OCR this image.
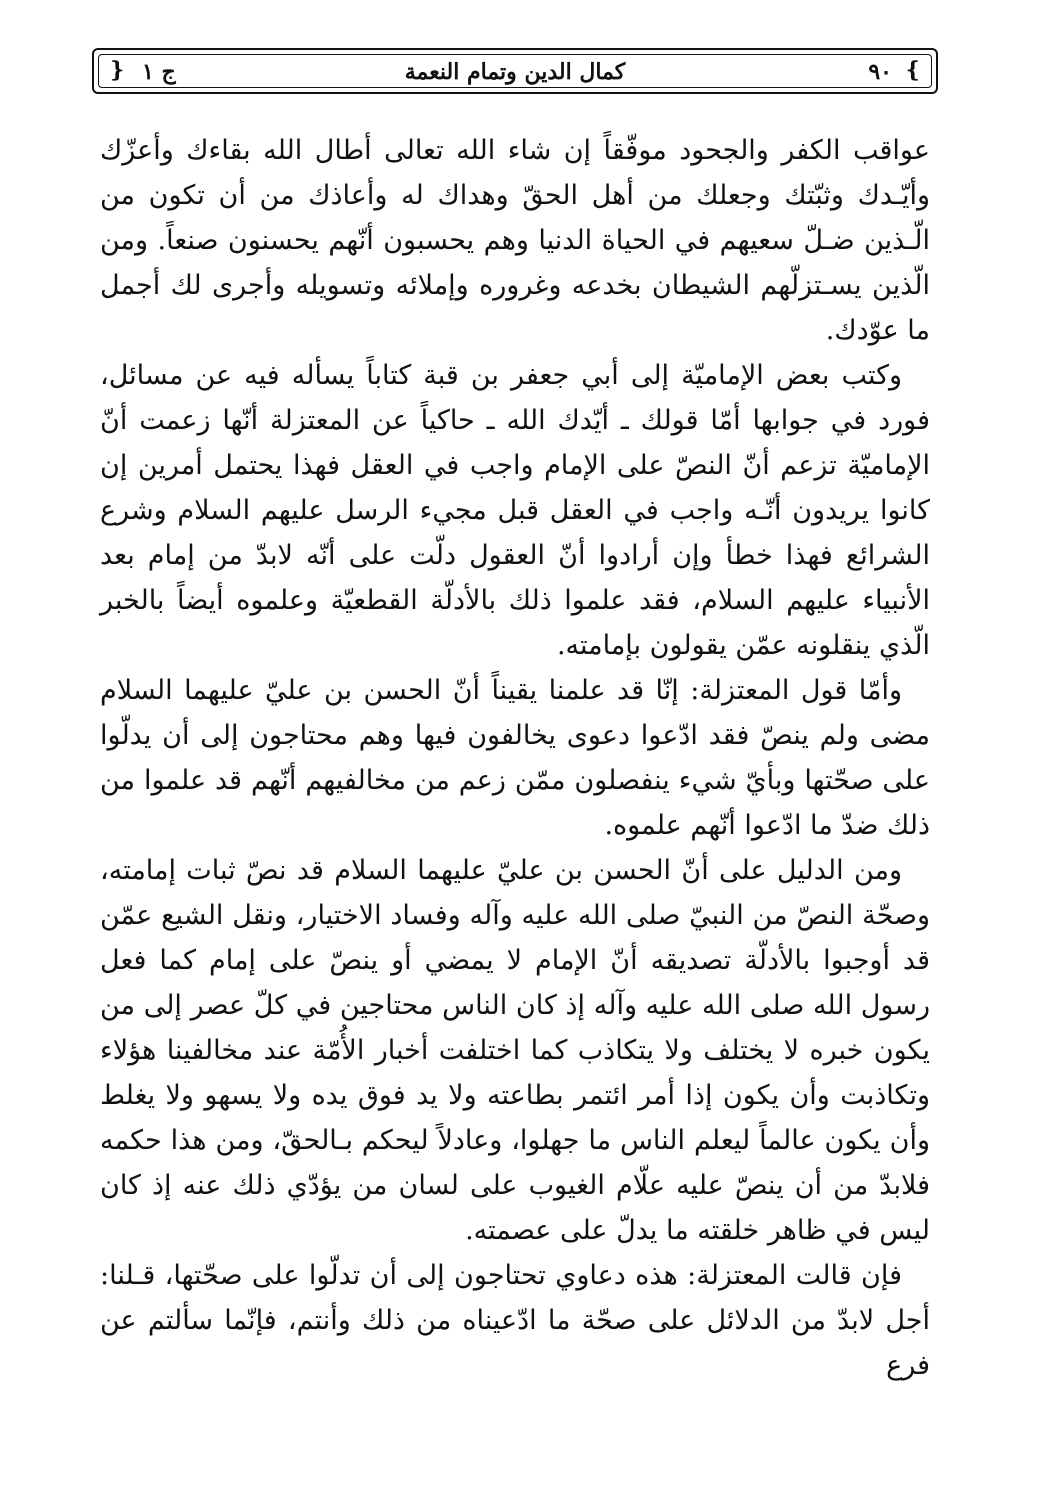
❵
٩٠
كمال الدين وتمام النعمة
ج ١
❴

عواقب الكفر والجحود موفّقاً إن شاء الله تعالى أطال الله بقاءك وأعزّك وأيّـدك وثبّتك وجعلك من أهل الحقّ وهداك له وأعاذك من أن تكون من الّـذين ضـلّ سعيهم في الحياة الدنيا وهم يحسبون أنّهم يحسنون صنعاً. ومن الّذين يسـتزلّهم الشيطان بخدعه وغروره وإملائه وتسويله وأجرى لك أجمل ما عوّدك.

وكتب بعض الإماميّة إلى أبي جعفر بن قبة كتاباً يسأله فيه عن مسائل، فورد في جوابها أمّا قولك ـ أيّدك الله ـ حاكياً عن المعتزلة أنّها زعمت أنّ الإماميّة تزعم أنّ النصّ على الإمام واجب في العقل فهذا يحتمل أمرين إن كانوا يريدون أنّـه واجب في العقل قبل مجيء الرسل عليهم السلام وشرع الشرائع فهذا خطأ وإن أرادوا أنّ العقول دلّت على أنّه لابدّ من إمام بعد الأنبياء عليهم السلام، فقد علموا ذلك بالأدلّة القطعيّة وعلموه أيضاً بالخبر الّذي ينقلونه عمّن يقولون بإمامته.

وأمّا قول المعتزلة: إنّا قد علمنا يقيناً أنّ الحسن بن عليّ عليهما السلام مضى ولم ينصّ فقد ادّعوا دعوى يخالفون فيها وهم محتاجون إلى أن يدلّوا على صحّتها وبأيّ شيء ينفصلون ممّن زعم من مخالفيهم أنّهم قد علموا من ذلك ضدّ ما ادّعوا أنّهم علموه.

ومن الدليل على أنّ الحسن بن عليّ عليهما السلام قد نصّ ثبات إمامته، وصحّة النصّ من النبيّ صلى الله عليه وآله وفساد الاختيار، ونقل الشيع عمّن قد أوجبوا بالأدلّة تصديقه أنّ الإمام لا يمضي أو ينصّ على إمام كما فعل رسول الله صلى الله عليه وآله إذ كان الناس محتاجين في كلّ عصر إلى من يكون خبره لا يختلف ولا يتكاذب كما اختلفت أخبار الأُمّة عند مخالفينا هؤلاء وتكاذبت وأن يكون إذا أمر ائتمر بطاعته ولا يد فوق يده ولا يسهو ولا يغلط وأن يكون عالماً ليعلم الناس ما جهلوا، وعادلاً ليحكم بـالحقّ، ومن هذا حكمه فلابدّ من أن ينصّ عليه علّام الغيوب على لسان من يؤدّي ذلك عنه إذ كان ليس في ظاهر خلقته ما يدلّ على عصمته.

فإن قالت المعتزلة: هذه دعاوي تحتاجون إلى أن تدلّوا على صحّتها، قـلنا: أجل لابدّ من الدلائل على صحّة ما ادّعيناه من ذلك وأنتم، فإنّما سألتم عن فرع
